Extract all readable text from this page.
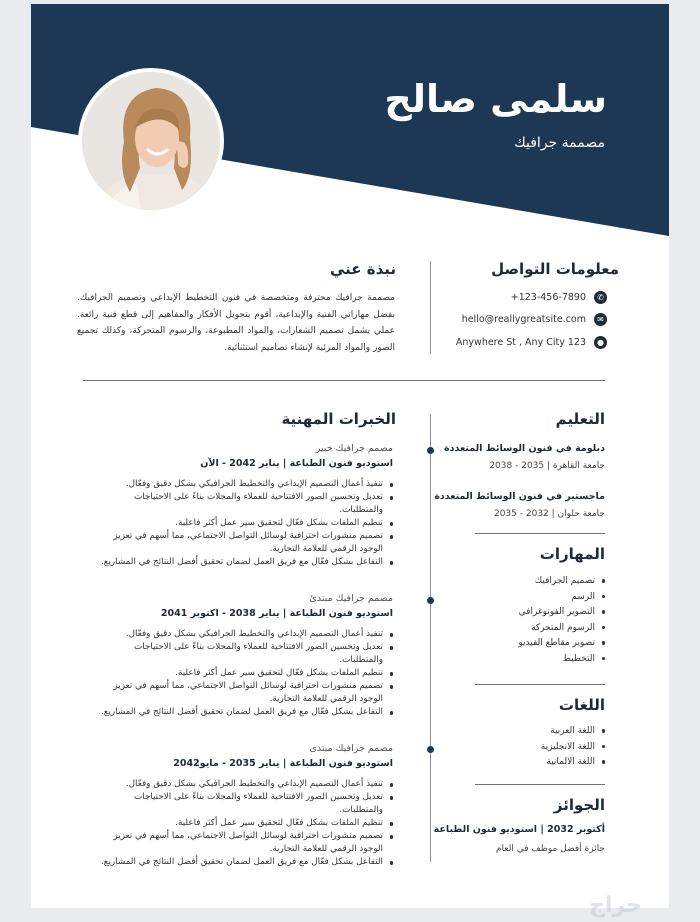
سلمى صالح
مصممة جرافيك
معلومات التواصل
✆
+123-456-7890
✉
hello@reallygreatsite.com
●
Anywhere St , Any City 123
نبذة عني

مصممة جرافيك محترفة ومتخصصة في فنون التخطيط الإبداعي وتصميم الجرافيك. بفضل مهاراتي الفنية والإبداعية، أقوم بتحويل الأفكار والمفاهيم إلى قطع فنية رائعة. عملي يشمل تصميم الشعارات، والمواد المطبوعة، والرسوم المتحركة، وكذلك تجميع الصور والمواد المرئية لإنشاء تصاميم استثنائية.

التعليم
دبلومة في فنون الوسائط المتعددة
جامعة القاهرة | 2035 - 2038
ماجستير في فنون الوسائط المتعددة
جامعة حلوان | 2032 - 2035
المهارات
تصميم الجرافيك
الرسم
التصوير الفوتوغرافي
الرسوم المتحركة
تصوير مقاطع الفيديو
التخطيط
اللغات
اللغة العربية
اللغة الانجليزية
اللغة الالمانية
الجوائز
أكتوبر 2032 | استوديو فنون الطباعة
جائزة أفضل موظف في العام
الخبرات المهنية
مصمم جرافيك خبير
استوديو فنون الطباعة | يناير 2042 - الآن
تنفيذ أعمال التصميم الإبداعي والتخطيط الجرافيكي بشكل دقيق وفعّال.
تعديل وتحسين الصور الافتتاحية للعملاء والمجلات بناءً على الاحتياجات والمتطلبات.
تنظيم الملفات بشكل فعّال لتحقيق سير عمل أكثر فاعلية.
تصميم منشورات احترافية لوسائل التواصل الاجتماعي، مما أسهم في تعزيز الوجود الرقمي للعلامة التجارية.
التفاعل بشكل فعّال مع فريق العمل لضمان تحقيق أفضل النتائج في المشاريع.
مصمم جرافيك مبتدئ
استوديو فنون الطباعة | يناير 2038 - اكتوبر 2041
تنفيذ أعمال التصميم الإبداعي والتخطيط الجرافيكي بشكل دقيق وفعّال.
تعديل وتحسين الصور الافتتاحية للعملاء والمجلات بناءً على الاحتياجات والمتطلبات.
تنظيم الملفات بشكل فعّال لتحقيق سير عمل أكثر فاعلية.
تصميم منشورات احترافية لوسائل التواصل الاجتماعي، مما أسهم في تعزيز الوجود الرقمي للعلامة التجارية.
التفاعل بشكل فعّال مع فريق العمل لضمان تحقيق أفضل النتائج في المشاريع.
مصمم جرافيك مبتدى
استوديو فنون الطباعة | يناير 2035 - مايو2042
تنفيذ أعمال التصميم الإبداعي والتخطيط الجرافيكي بشكل دقيق وفعّال.
تعديل وتحسين الصور الافتتاحية للعملاء والمجلات بناءً على الاحتياجات والمتطلبات.
تنظيم الملفات بشكل فعّال لتحقيق سير عمل أكثر فاعلية.
تصميم منشورات احترافية لوسائل التواصل الاجتماعي، مما أسهم في تعزيز الوجود الرقمي للعلامة التجارية.
التفاعل بشكل فعّال مع فريق العمل لضمان تحقيق أفضل النتائج في المشاريع.
حراج
